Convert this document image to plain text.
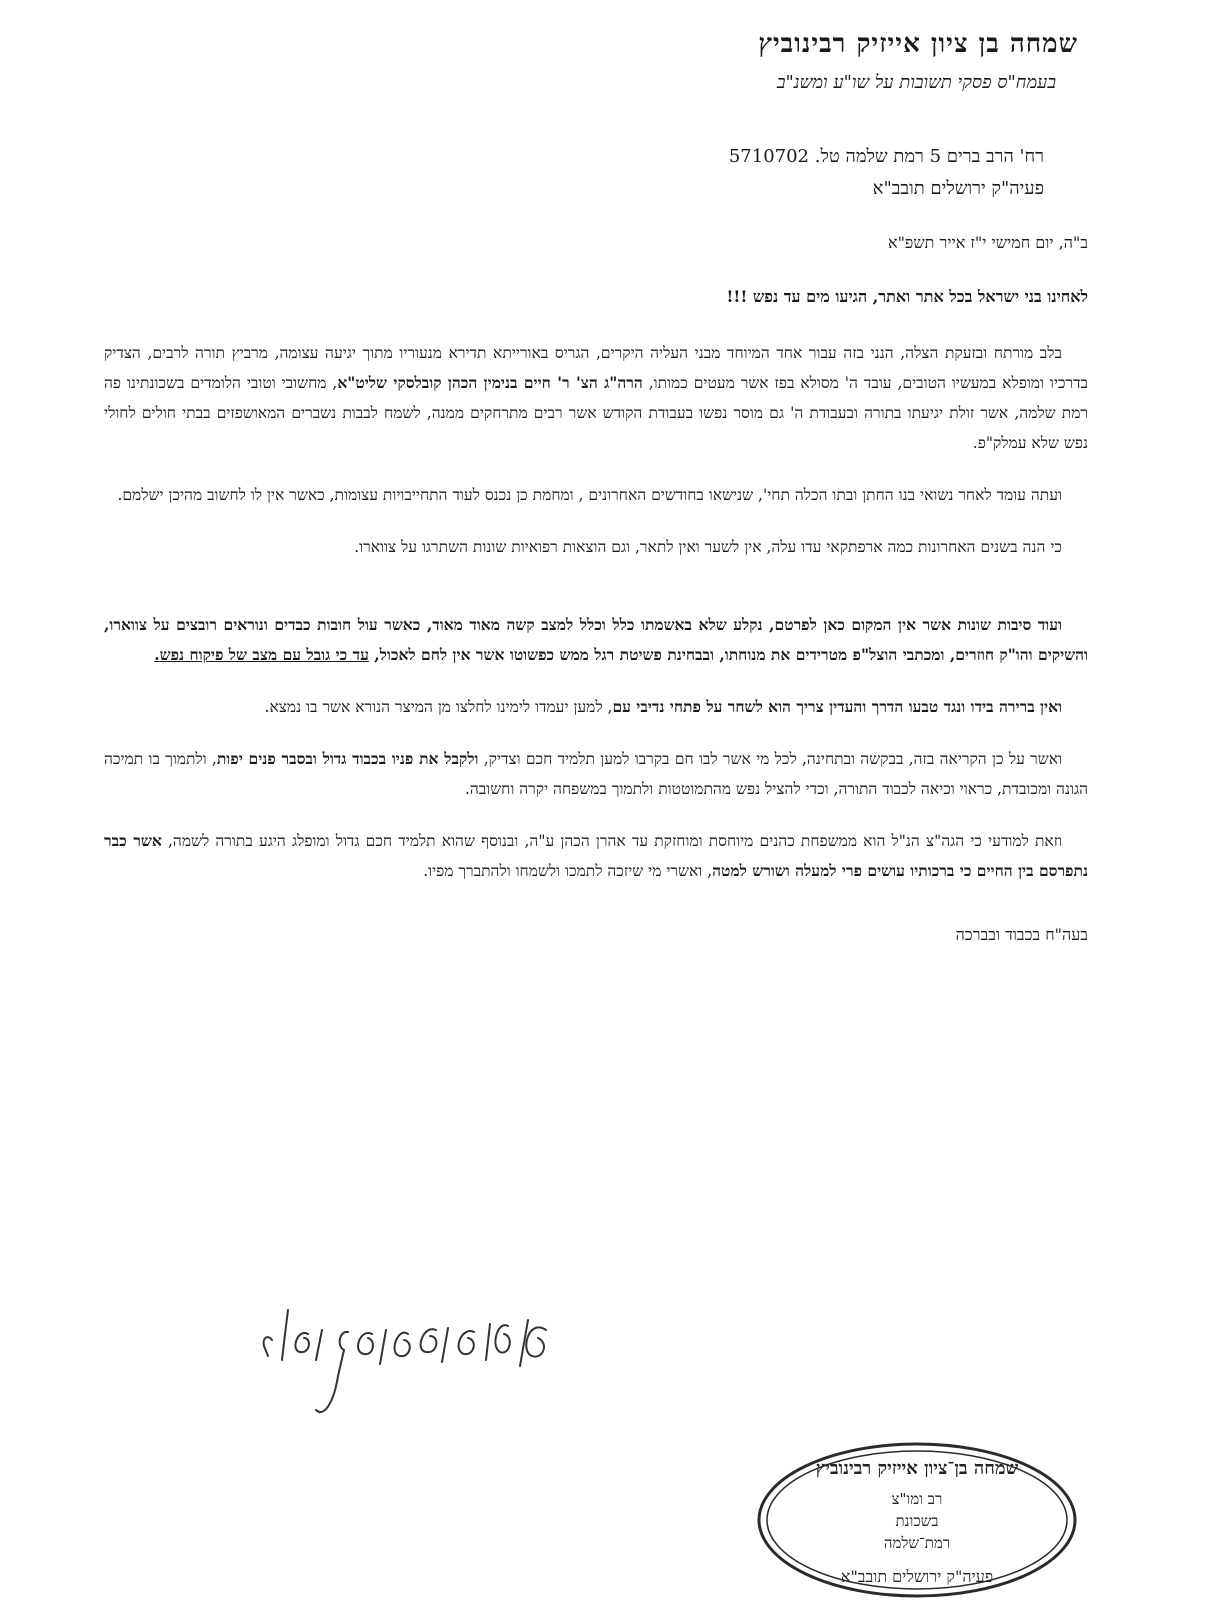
שמחה בן ציון אייזיק רבינוביץ

בעמח"ס פסקי תשובות על שו"ע ומשנ"ב

רח' הרב ברים 5 רמת שלמה טל. 5710702

פעיה"ק ירושלים תובב"א

ב"ה, יום חמישי י"ז אייר תשפ"א

לאחינו בני ישראל בכל אתר ואתר, הגיעו מים עד נפש !!!

בלב מורתח ובזעקת הצלה, הנני בזה עבור אחד המיוחד מבני העליה היקרים, הגריס באורייתא תדירא מנעוריו מתוך יגיעה עצומה, מרביץ תורה לרבים, הצדיק בדרכיו ומופלא במעשיו הטובים, עובד ה' מסולא בפז אשר מעטים כמותו, הרה"ג הצ' ר' חיים בנימין הכהן קובלסקי שליט"א, מחשובי וטובי הלומדים בשכונתינו פה רמת שלמה, אשר זולת יגיעתו בתורה ובעבודת ה' גם מוסר נפשו בעבודת הקודש אשר רבים מתרחקים ממנה, לשמח לבבות נשברים המאושפזים בבתי חולים לחולי נפש שלא עמלק"פ.

ועתה עומד לאחר נשואי בנו החתן ובתו הכלה תחי', שנישאו בחודשים האחרונים , ומחמת כן נכנס לעוד התחייבויות עצומות, כאשר אין לו לחשוב מהיכן ישלמם.

כי הנה בשנים האחרונות כמה ארפתקאי עדו עלה, אין לשער ואין לתאר, וגם הוצאות רפואיות שונות השתרגו על צווארו.

ועוד סיבות שונות אשר אין המקום כאן לפרטם, נקלע שלא באשמתו כלל וכלל למצב קשה מאוד מאוד, כאשר עול חובות כבדים ונוראים רובצים על צווארו, והשיקים והו"ק חוזרים, ומכתבי הוצל"פ מטרידים את מנוחתו, ובבחינת פשיטת רגל ממש כפשוטו אשר אין לחם לאכול, עד כי גובל עם מצב של פיקוח נפש.

ואין ברירה בידו ונגד טבעו הדרך והעדין צריך הוא לשחר על פתחי נדיבי עם, למען יעמדו לימינו לחלצו מן המיצר הנורא אשר בו נמצא.

ואשר על כן הקריאה בזה, בבקשה ובתחינה, לכל מי אשר לבו חם בקרבו למען תלמיד חכם וצדיק, ולקבל את פניו בכבוד גדול ובסבר פנים יפות, ולתמוך בו תמיכה הגונה ומכובדת, כראוי וכיאה לכבוד התורה, וכדי להציל נפש מהתמוטטות ולתמוך במשפחה יקרה וחשובה.

וזאת למודעי כי הגה"צ הנ"ל הוא ממשפחת כהנים מיוחסת ומוחזקת עד אהרן הכהן ע"ה, ובנוסף שהוא תלמיד חכם גדול ומופלג היגע בתורה לשמה, אשר כבר נתפרסם בין החיים כי ברכותיו עושים פרי למעלה ושורש למטה, ואשרי מי שיזכה לתמכו ולשמחו ולהתברך מפיו.

בעה"ח בכבוד ובברכה

שמחה בן־ציון אייזיק רבינוביץ
רב ומו"צ
בשכונת
רמת־שלמה
פעיה"ק ירושלים תובב"א
